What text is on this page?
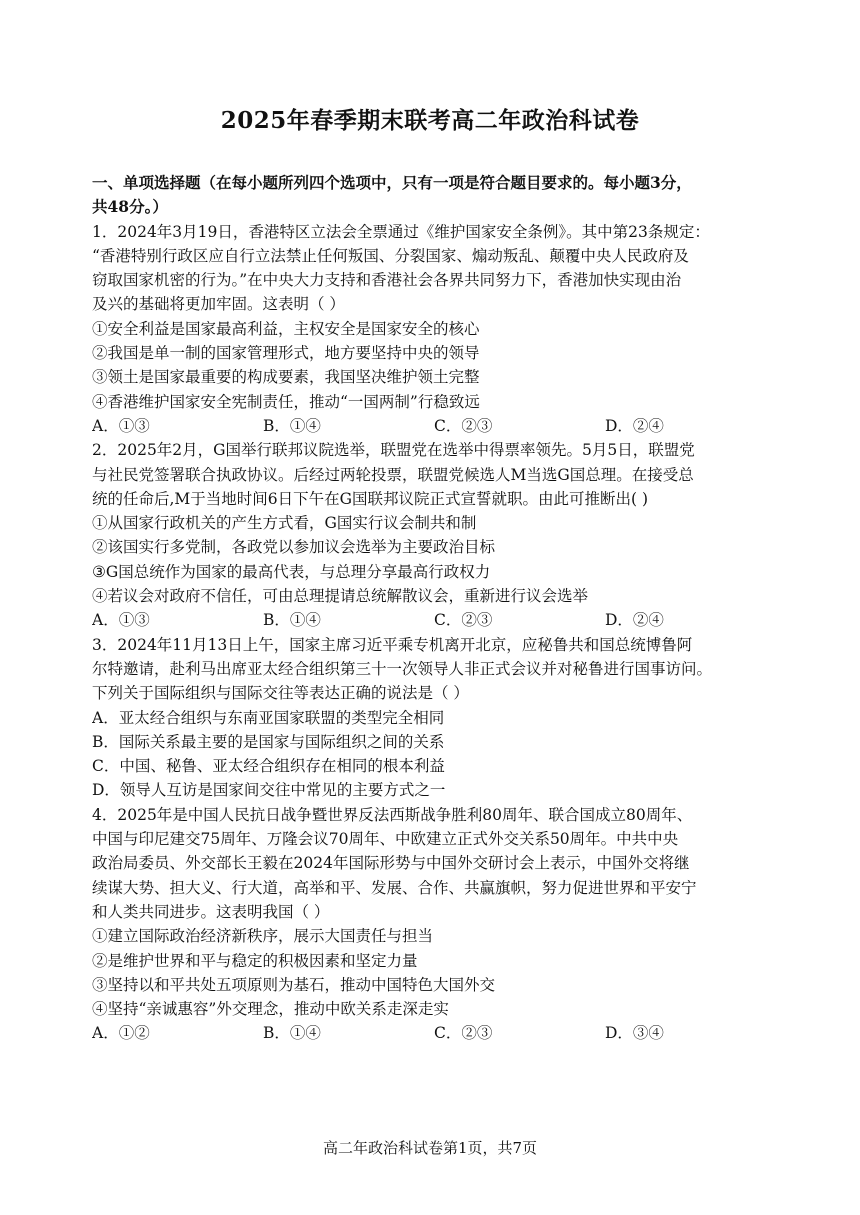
2025年春季期末联考高二年政治科试卷
一、单项选择题（在每小题所列四个选项中，只有一项是符合题目要求的。每小题3分，
共48分。）
1．2024年3月19日，香港特区立法会全票通过《维护国家安全条例》。其中第23条规定：
“香港特别行政区应自行立法禁止任何叛国、分裂国家、煽动叛乱、颠覆中央人民政府及
窃取国家机密的行为。”在中央大力支持和香港社会各界共同努力下，香港加快实现由治
及兴的基础将更加牢固。这表明（ ）
①安全利益是国家最高利益，主权安全是国家安全的核心
②我国是单一制的国家管理形式，地方要坚持中央的领导
③领土是国家最重要的构成要素，我国坚决维护领土完整
④香港维护国家安全宪制责任，推动“一国两制”行稳致远
A．①③	B．①④	C．②③	D．②④
2．2025年2月，G国举行联邦议院选举，联盟党在选举中得票率领先。5月5日，联盟党
与社民党签署联合执政协议。后经过两轮投票，联盟党候选人M当选G国总理。在接受总
统的任命后,M于当地时间6日下午在G国联邦议院正式宣誓就职。由此可推断出( )
①从国家行政机关的产生方式看，G国实行议会制共和制
②该国实行多党制，各政党以参加议会选举为主要政治目标
③G国总统作为国家的最高代表，与总理分享最高行政权力
④若议会对政府不信任，可由总理提请总统解散议会，重新进行议会选举
A．①③	B．①④	C．②③	D．②④
3．2024年11月13日上午，国家主席习近平乘专机离开北京，应秘鲁共和国总统博鲁阿
尔特邀请，赴利马出席亚太经合组织第三十一次领导人非正式会议并对秘鲁进行国事访问。
下列关于国际组织与国际交往等表达正确的说法是（ ）
A．亚太经合组织与东南亚国家联盟的类型完全相同
B．国际关系最主要的是国家与国际组织之间的关系
C．中国、秘鲁、亚太经合组织存在相同的根本利益
D．领导人互访是国家间交往中常见的主要方式之一
4．2025年是中国人民抗日战争暨世界反法西斯战争胜利80周年、联合国成立80周年、
中国与印尼建交75周年、万隆会议70周年、中欧建立正式外交关系50周年。中共中央
政治局委员、外交部长王毅在2024年国际形势与中国外交研讨会上表示，中国外交将继
续谋大势、担大义、行大道，高举和平、发展、合作、共赢旗帜，努力促进世界和平安宁
和人类共同进步。这表明我国（ ）
①建立国际政治经济新秩序，展示大国责任与担当
②是维护世界和平与稳定的积极因素和坚定力量
③坚持以和平共处五项原则为基石，推动中国特色大国外交
④坚持“亲诚惠容”外交理念，推动中欧关系走深走实
A．①②	B．①④	C．②③	D．③④
高二年政治科试卷第1页，共7页
